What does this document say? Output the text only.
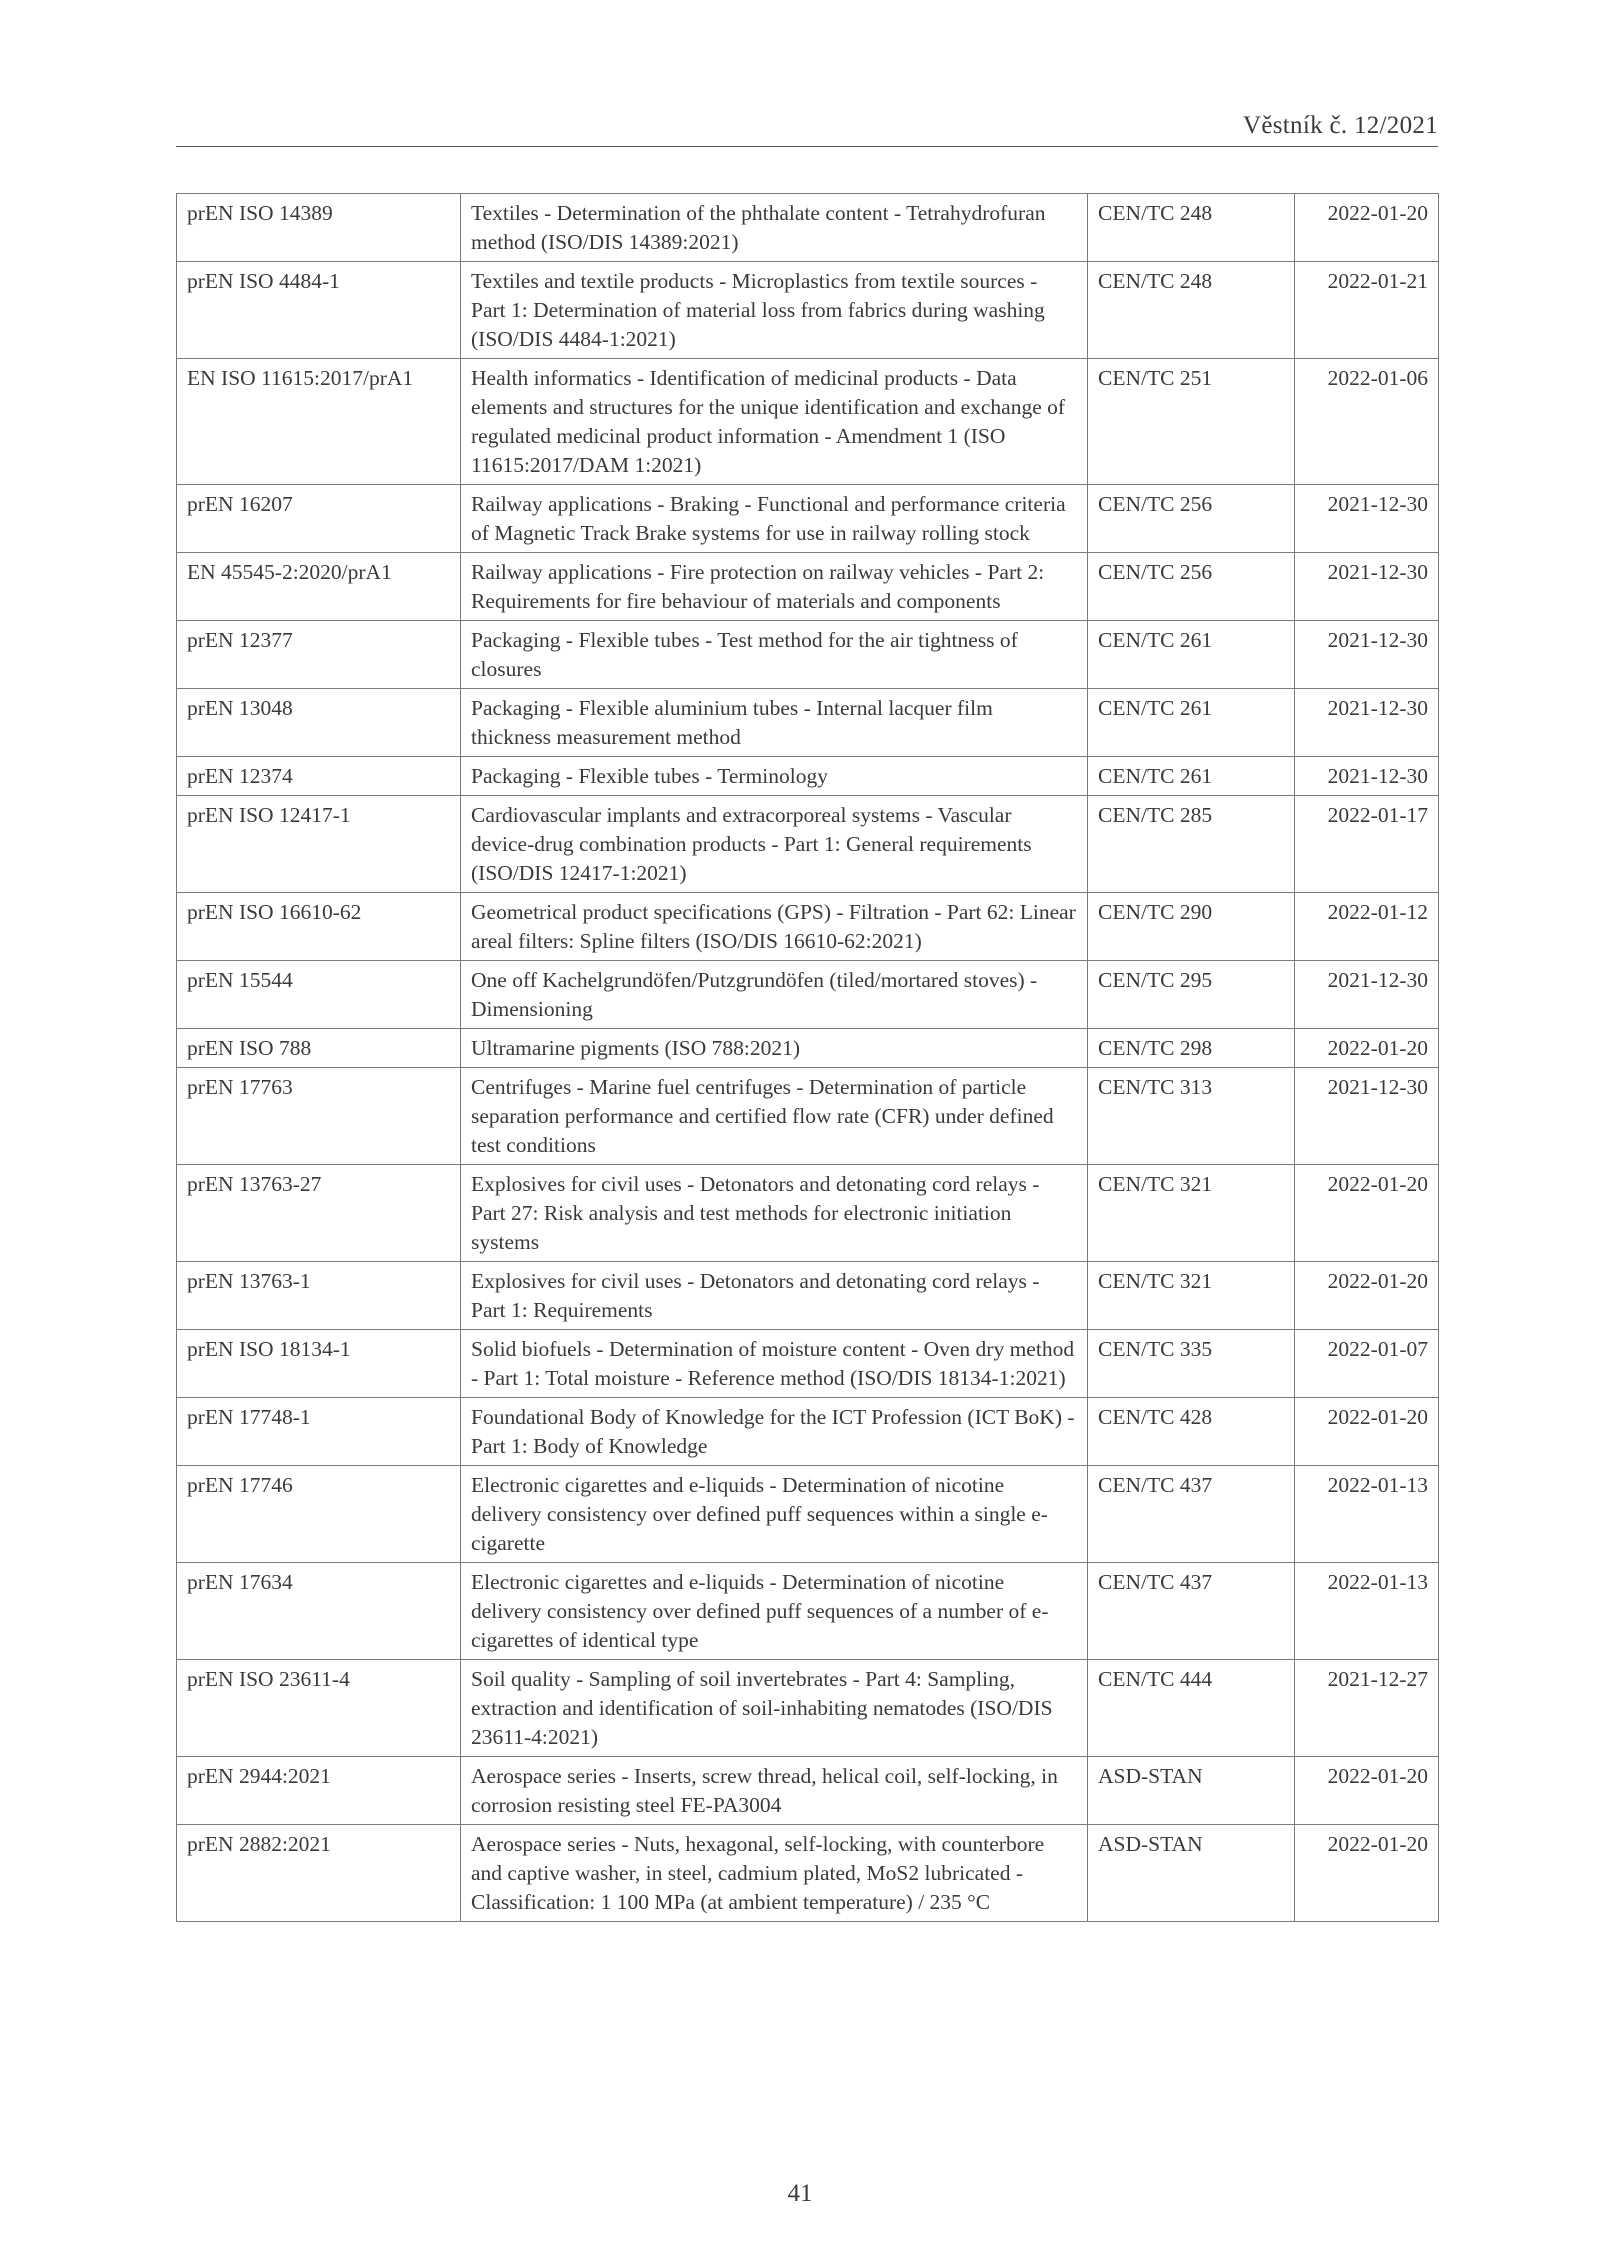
Věstník č. 12/2021
prEN ISO 14389	Textiles - Determination of the phthalate content - Tetrahydrofuran method (ISO/DIS 14389:2021)	CEN/TC 248	2022-01-20
prEN ISO 4484-1	Textiles and textile products - Microplastics from textile sources - Part 1: Determination of material loss from fabrics during washing (ISO/DIS 4484-1:2021)	CEN/TC 248	2022-01-21
EN ISO 11615:2017/prA1	Health informatics - Identification of medicinal products - Data elements and structures for the unique identification and exchange of regulated medicinal product information - Amendment 1 (ISO 11615:2017/DAM 1:2021)	CEN/TC 251	2022-01-06
prEN 16207	Railway applications - Braking - Functional and performance criteria of Magnetic Track Brake systems for use in railway rolling stock	CEN/TC 256	2021-12-30
EN 45545-2:2020/prA1	Railway applications - Fire protection on railway vehicles - Part 2: Requirements for fire behaviour of materials and components	CEN/TC 256	2021-12-30
prEN 12377	Packaging - Flexible tubes - Test method for the air tightness of closures	CEN/TC 261	2021-12-30
prEN 13048	Packaging - Flexible aluminium tubes - Internal lacquer film thickness measurement method	CEN/TC 261	2021-12-30
prEN 12374	Packaging - Flexible tubes - Terminology	CEN/TC 261	2021-12-30
prEN ISO 12417-1	Cardiovascular implants and extracorporeal systems - Vascular device-drug combination products - Part 1: General requirements (ISO/DIS 12417-1:2021)	CEN/TC 285	2022-01-17
prEN ISO 16610-62	Geometrical product specifications (GPS) - Filtration - Part 62: Linear areal filters: Spline filters (ISO/DIS 16610-62:2021)	CEN/TC 290	2022-01-12
prEN 15544	One off Kachelgrundöfen/Putzgrundöfen (tiled/mortared stoves) - Dimensioning	CEN/TC 295	2021-12-30
prEN ISO 788	Ultramarine pigments (ISO 788:2021)	CEN/TC 298	2022-01-20
prEN 17763	Centrifuges - Marine fuel centrifuges - Determination of particle separation performance and certified flow rate (CFR) under defined test conditions	CEN/TC 313	2021-12-30
prEN 13763-27	Explosives for civil uses - Detonators and detonating cord relays - Part 27: Risk analysis and test methods for electronic initiation systems	CEN/TC 321	2022-01-20
prEN 13763-1	Explosives for civil uses - Detonators and detonating cord relays - Part 1: Requirements	CEN/TC 321	2022-01-20
prEN ISO 18134-1	Solid biofuels - Determination of moisture content - Oven dry method - Part 1: Total moisture - Reference method (ISO/DIS 18134-1:2021)	CEN/TC 335	2022-01-07
prEN 17748-1	Foundational Body of Knowledge for the ICT Profession (ICT BoK) - Part 1: Body of Knowledge	CEN/TC 428	2022-01-20
prEN 17746	Electronic cigarettes and e-liquids - Determination of nicotine delivery consistency over defined puff sequences within a single e-cigarette	CEN/TC 437	2022-01-13
prEN 17634	Electronic cigarettes and e-liquids - Determination of nicotine delivery consistency over defined puff sequences of a number of e-cigarettes of identical type	CEN/TC 437	2022-01-13
prEN ISO 23611-4	Soil quality - Sampling of soil invertebrates - Part 4: Sampling, extraction and identification of soil-inhabiting nematodes (ISO/DIS 23611-4:2021)	CEN/TC 444	2021-12-27
prEN 2944:2021	Aerospace series - Inserts, screw thread, helical coil, self-locking, in corrosion resisting steel FE-PA3004	ASD-STAN	2022-01-20
prEN 2882:2021	Aerospace series - Nuts, hexagonal, self-locking, with counterbore and captive washer, in steel, cadmium plated, MoS2 lubricated - Classification: 1 100 MPa (at ambient temperature) / 235 °C	ASD-STAN	2022-01-20
41
